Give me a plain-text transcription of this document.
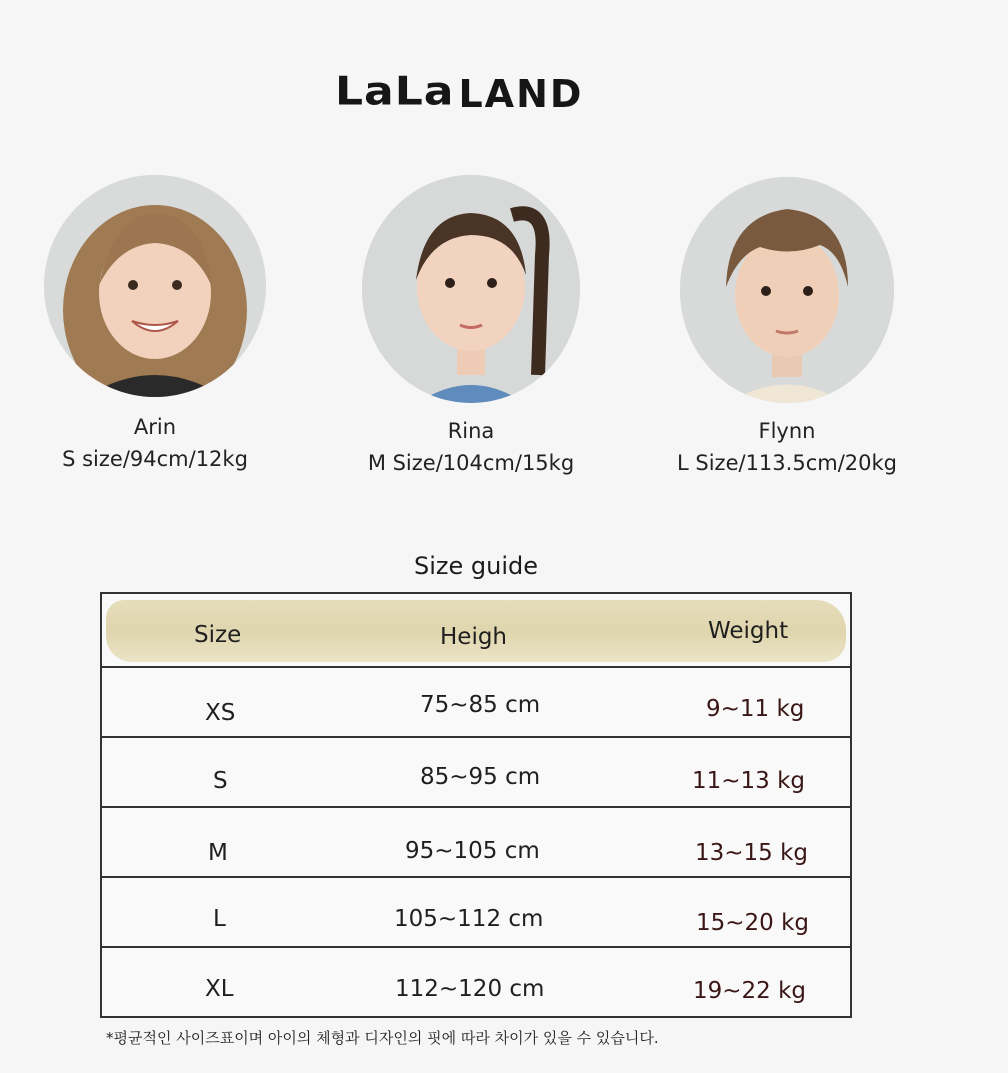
LaLa LAND
Arin
S size/94cm/12kg
Rina
M Size/104cm/15kg
Flynn
L Size/113.5cm/20kg
Size guide
Size	Heigh	Weight
XS	75~85 cm	9~11 kg
S	85~95 cm	11~13 kg
M	95~105 cm	13~15 kg
L	105~112 cm	15~20 kg
XL	112~120 cm	19~22 kg
*평균적인 사이즈표이며 아이의 체형과 디자인의 핏에 따라 차이가 있을 수 있습니다.
